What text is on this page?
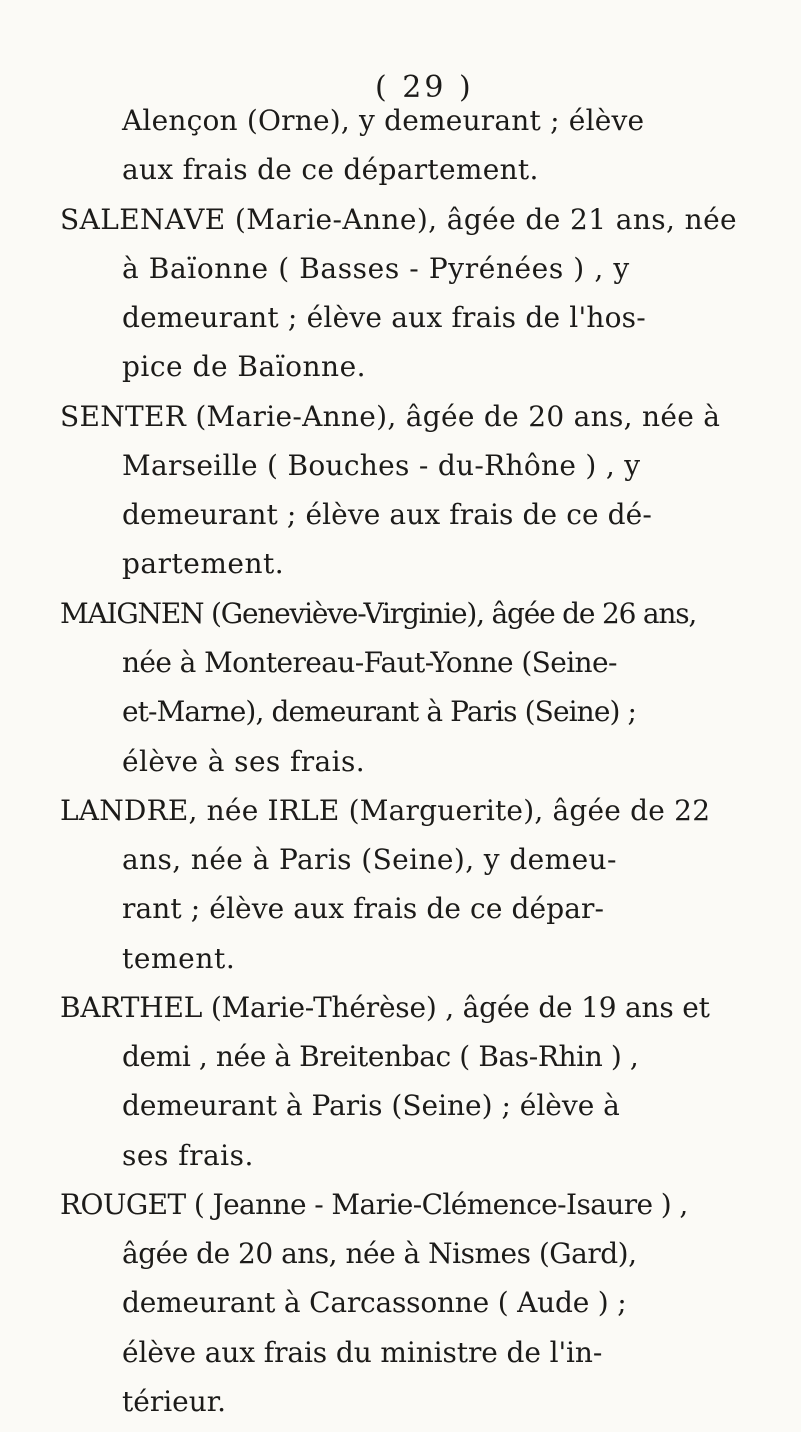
( 29 )
Alençon (Orne), y demeurant ; élève
aux frais de ce département.
SALENAVE (Marie-Anne), âgée de 21 ans, née
à Baïonne ( Basses - Pyrénées ) , y
demeurant ; élève aux frais de l'hos-
pice de Baïonne.
SENTER (Marie-Anne), âgée de 20 ans, née à
Marseille ( Bouches - du-Rhône ) , y
demeurant ; élève aux frais de ce dé-
partement.
MAIGNEN (Geneviève-Virginie), âgée de 26 ans,
née à Montereau-Faut-Yonne (Seine-
et-Marne), demeurant à Paris (Seine) ;
élève à ses frais.
LANDRE, née IRLE (Marguerite), âgée de 22
ans, née à Paris (Seine), y demeu-
rant ; élève aux frais de ce dépar-
tement.
BARTHEL (Marie-Thérèse) , âgée de 19 ans et
demi , née à Breitenbac ( Bas-Rhin ) ,
demeurant à Paris (Seine) ; élève à
ses frais.
ROUGET ( Jeanne - Marie-Clémence-Isaure ) ,
âgée de 20 ans, née à Nismes (Gard),
demeurant à Carcassonne ( Aude ) ;
élève aux frais du ministre de l'in-
térieur.
